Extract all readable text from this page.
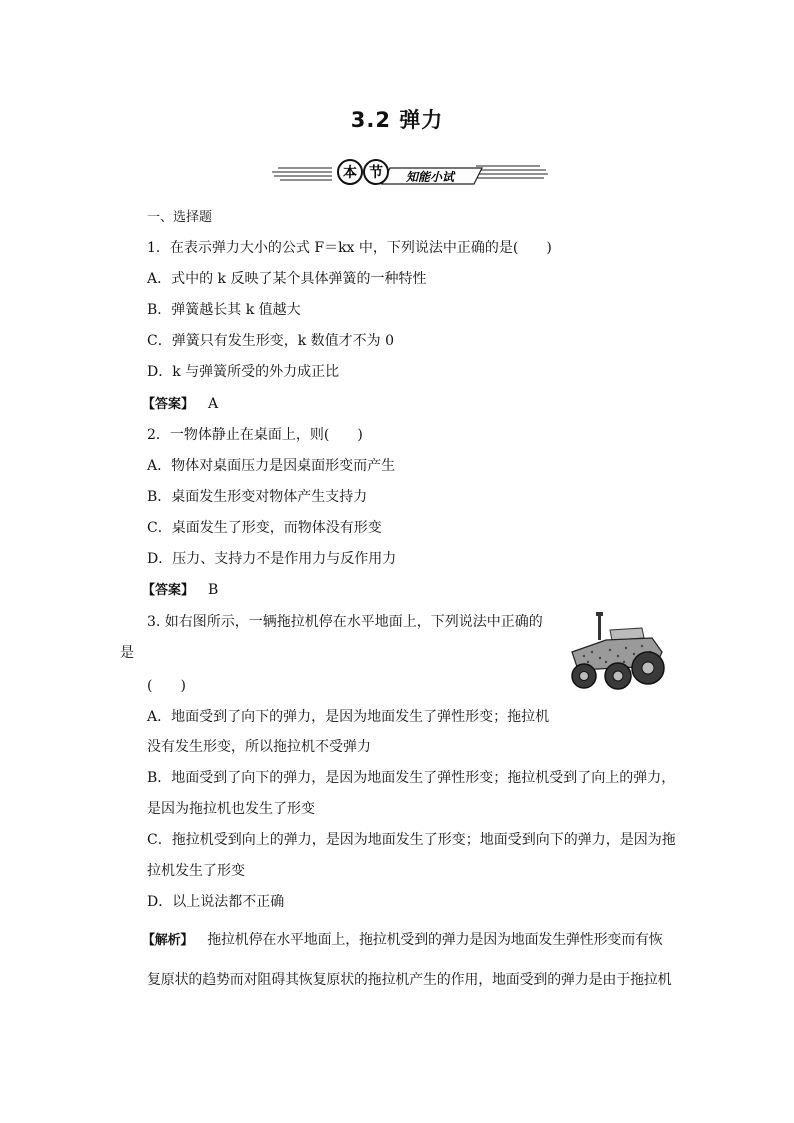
3.2 弹力
本 节 知能小试
一、选择题
1．在表示弹力大小的公式 F＝kx 中，下列说法中正确的是(　　)
A．式中的 k 反映了某个具体弹簧的一种特性
B．弹簧越长其 k 值越大
C．弹簧只有发生形变，k 数值才不为 0
D．k 与弹簧所受的外力成正比
【答案】 A
2．一物体静止在桌面上，则(　　)
A．物体对桌面压力是因桌面形变而产生
B．桌面发生形变对物体产生支持力
C．桌面发生了形变，而物体没有形变
D．压力、支持力不是作用力与反作用力
【答案】 B
3. 如右图所示，一辆拖拉机停在水平地面上，下列说法中正确的
是
(　　)
A．地面受到了向下的弹力，是因为地面发生了弹性形变；拖拉机
没有发生形变，所以拖拉机不受弹力
B．地面受到了向下的弹力，是因为地面发生了弹性形变；拖拉机受到了向上的弹力，
是因为拖拉机也发生了形变
C．拖拉机受到向上的弹力，是因为地面发生了形变；地面受到向下的弹力，是因为拖
拉机发生了形变
D．以上说法都不正确
【解析】 拖拉机停在水平地面上，拖拉机受到的弹力是因为地面发生弹性形变而有恢
复原状的趋势而对阻碍其恢复原状的拖拉机产生的作用，地面受到的弹力是由于拖拉机
